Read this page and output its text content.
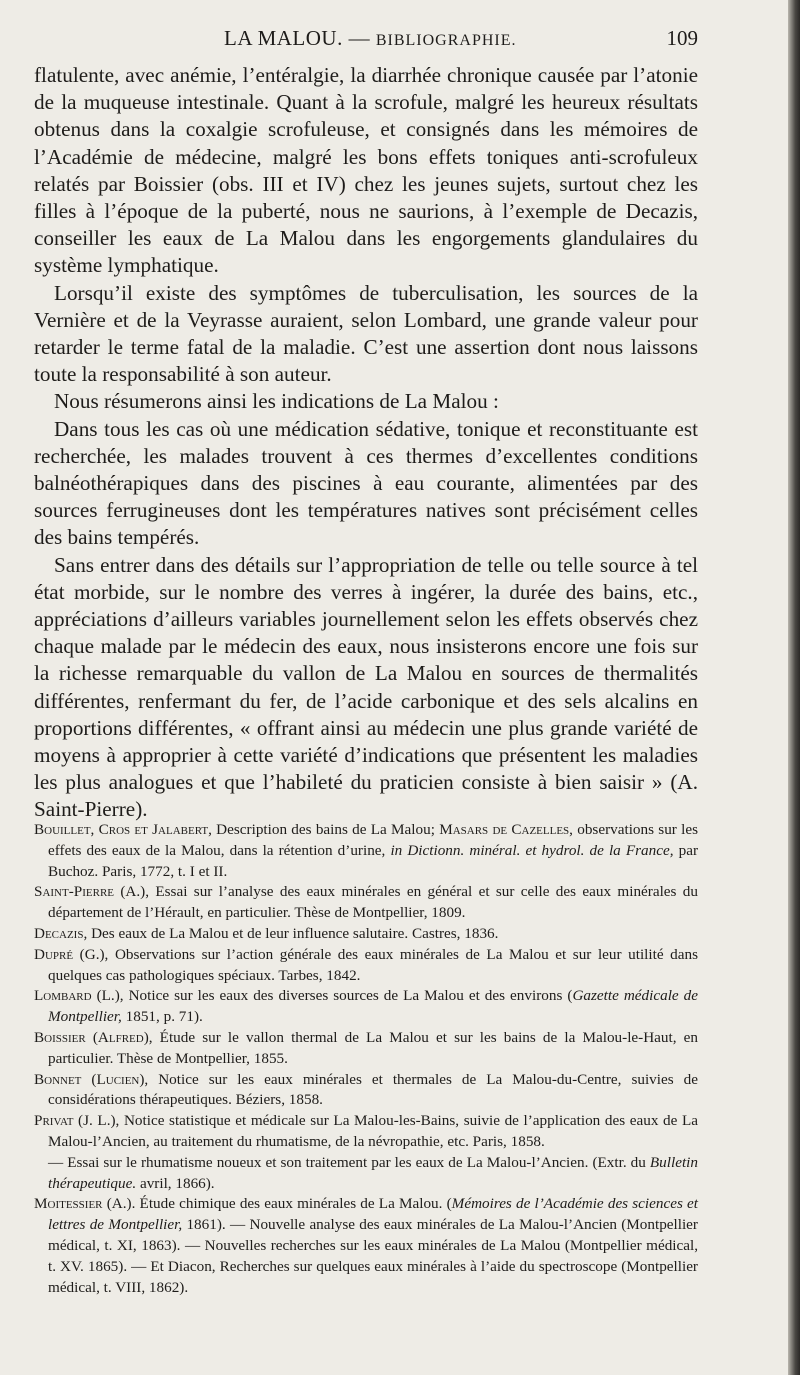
LA MALOU. — BIBLIOGRAPHIE.	109

flatulente, avec anémie, l’entéralgie, la diarrhée chronique causée par l’atonie de la muqueuse intestinale. Quant à la scrofule, malgré les heureux résultats obtenus dans la coxalgie scrofuleuse, et consignés dans les mémoires de l’Académie de médecine, malgré les bons effets toniques anti-scrofuleux relatés par Boissier (obs. III et IV) chez les jeunes sujets, surtout chez les filles à l’époque de la puberté, nous ne saurions, à l’exemple de Decazis, conseiller les eaux de La Malou dans les engorgements glandulaires du système lymphatique.

Lorsqu’il existe des symptômes de tuberculisation, les sources de la Vernière et de la Veyrasse auraient, selon Lombard, une grande valeur pour retarder le terme fatal de la maladie. C’est une assertion dont nous laissons toute la responsabilité à son auteur.

Nous résumerons ainsi les indications de La Malou :

Dans tous les cas où une médication sédative, tonique et reconstituante est recherchée, les malades trouvent à ces thermes d’excellentes conditions balnéothérapiques dans des piscines à eau courante, alimentées par des sources ferrugineuses dont les températures natives sont précisément celles des bains tempérés.

Sans entrer dans des détails sur l’appropriation de telle ou telle source à tel état morbide, sur le nombre des verres à ingérer, la durée des bains, etc., appréciations d’ailleurs variables journellement selon les effets observés chez chaque malade par le médecin des eaux, nous insisterons encore une fois sur la richesse remarquable du vallon de La Malou en sources de thermalités différentes, renfermant du fer, de l’acide carbonique et des sels alcalins en proportions différentes, « offrant ainsi au médecin une plus grande variété de moyens à approprier à cette variété d’indications que présentent les maladies les plus analogues et que l’habileté du praticien consiste à bien saisir » (A. Saint-Pierre).

Bouillet, Cros et Jalabert, Description des bains de La Malou; Masars de Cazelles, observations sur les effets des eaux de la Malou, dans la rétention d’urine, in Dictionn. minéral. et hydrol. de la France, par Buchoz. Paris, 1772, t. I et II.

Saint-Pierre (A.), Essai sur l’analyse des eaux minérales en général et sur celle des eaux minérales du département de l’Hérault, en particulier. Thèse de Montpellier, 1809.

Decazis, Des eaux de La Malou et de leur influence salutaire. Castres, 1836.

Dupré (G.), Observations sur l’action générale des eaux minérales de La Malou et sur leur utilité dans quelques cas pathologiques spéciaux. Tarbes, 1842.

Lombard (L.), Notice sur les eaux des diverses sources de La Malou et des environs (Gazette médicale de Montpellier, 1851, p. 71).

Boissier (Alfred), Étude sur le vallon thermal de La Malou et sur les bains de la Malou-le-Haut, en particulier. Thèse de Montpellier, 1855.

Bonnet (Lucien), Notice sur les eaux minérales et thermales de La Malou-du-Centre, suivies de considérations thérapeutiques. Béziers, 1858.

Privat (J. L.), Notice statistique et médicale sur La Malou-les-Bains, suivie de l’application des eaux de La Malou-l’Ancien, au traitement du rhumatisme, de la névropathie, etc. Paris, 1858.

— Essai sur le rhumatisme noueux et son traitement par les eaux de La Malou-l’Ancien. (Extr. du Bulletin thérapeutique. avril, 1866).

Moitessier (A.). Étude chimique des eaux minérales de La Malou. (Mémoires de l’Académie des sciences et lettres de Montpellier, 1861). — Nouvelle analyse des eaux minérales de La Malou-l’Ancien (Montpellier médical, t. XI, 1863). — Nouvelles recherches sur les eaux minérales de La Malou (Montpellier médical, t. XV. 1865). — Et Diacon, Recherches sur quelques eaux minérales à l’aide du spectroscope (Montpellier médical, t. VIII, 1862).
